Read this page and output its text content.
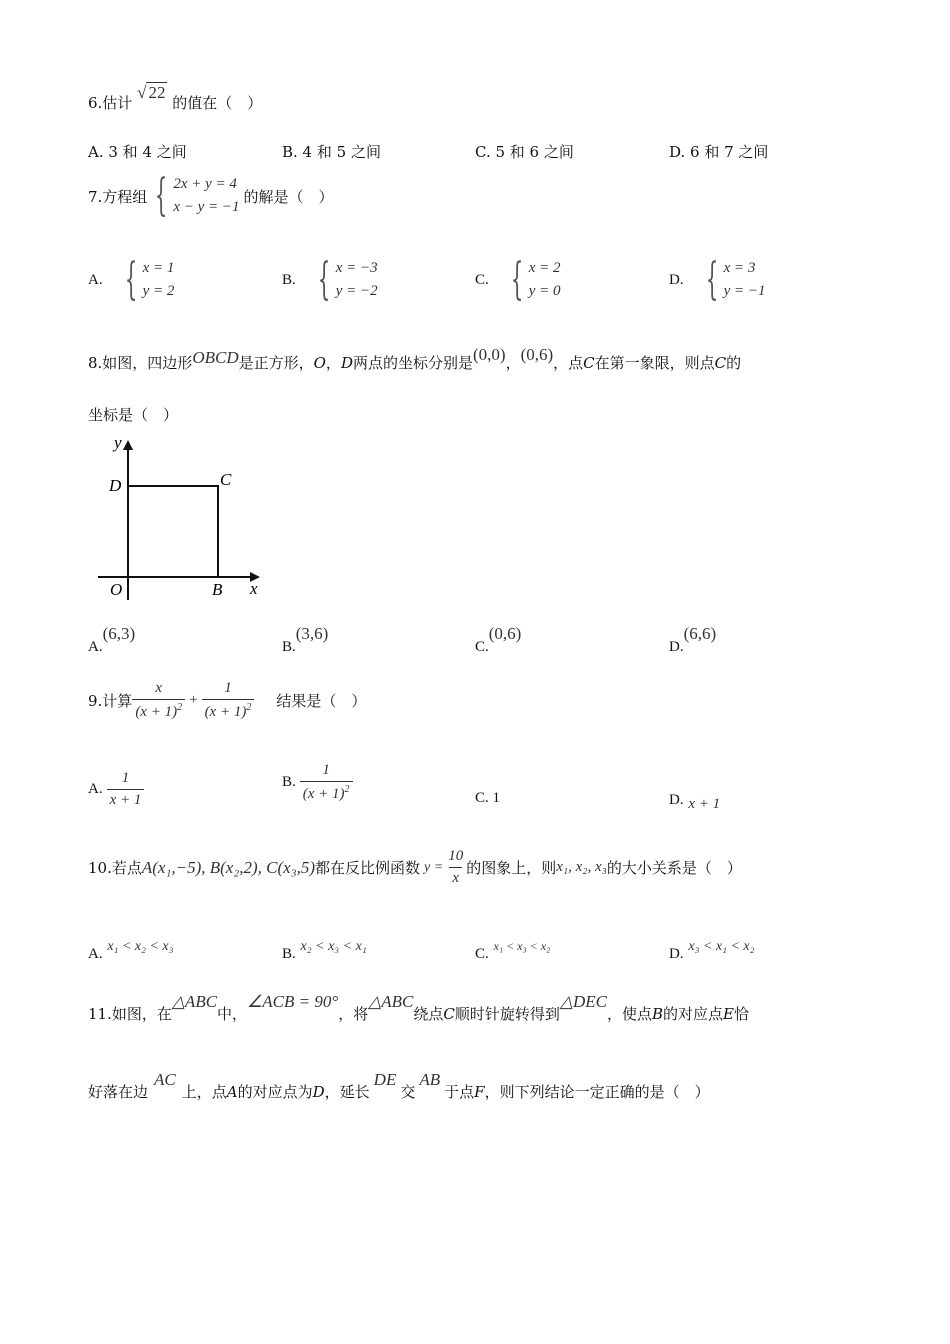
6.估计 √ 22 的值在（　）
A. 3 和 4 之间	B. 4 和 5 之间	C. 5 和 6 之间	D. 6 和 7 之间
7.方程组 { 2x + y = 4
x − y = −1
的解是（　）
A. { x = 1
y = 2
B. { x = −3
y = −2
C. { x = 2
y = 0
D. { x = 3
y = −1
8.如图，四边形OBCD是正方形，O，D两点的坐标分别是(0,0)，(0,6)，点C在第一象限，则点C的
坐标是（　）
y
D	C
O	B x
A.(6,3)
B.(3,6)
C.(0,6)
D.(6,6)
9.计算 $\frac{x}{(x + 1)^2} + \frac{1}{(x + 1)^2}$ 结果是（　）
A. $\frac{1}{x + 1}$	B. $\frac{1}{(x + 1)^2}$	C. 1	D. x + 1
10.若点 A(x₁,−5), B(x₂,2), C(x₃,5) 都在反比例函数 $y = \frac{10}{x}$ 的图象上，则 x₁, x₂, x₃ 的大小关系是（　）
A. x₁ < x₂ < x₃	B. x₂ < x₃ < x₁	C. x₁ < x₃ < x₂	D. x₃ < x₁ < x₂
11.如图，在△ABC中，∠ACB = 90°，将△ABC绕点C顺时针旋转得到△DEC，使点B的对应点E恰
好落在边AC上，点A的对应点为D，延长DE交AB于点F，则下列结论一定正确的是（　）
